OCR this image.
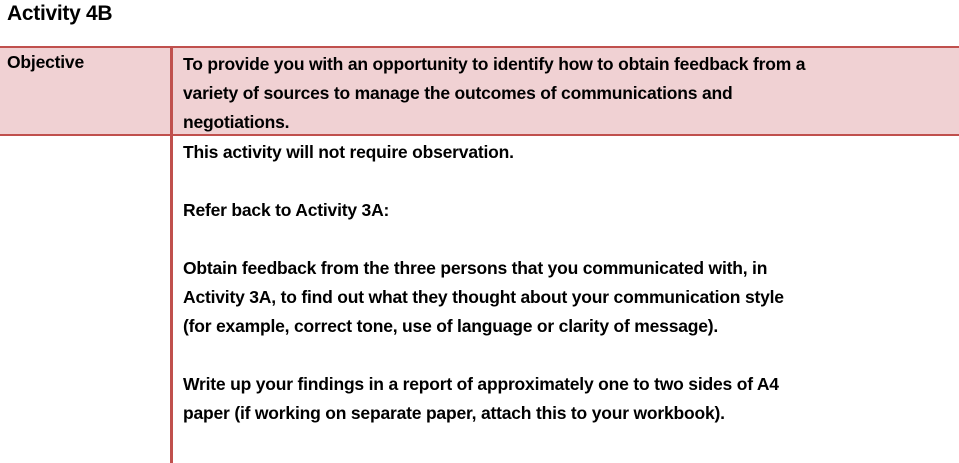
Activity 4B
Objective	To provide you with an opportunity to identify how to obtain feedback from a
variety of sources to manage the outcomes of communications and
negotiations.
This activity will not require observation.
Refer back to Activity 3A:
Obtain feedback from the three persons that you communicated with, in
Activity 3A, to find out what they thought about your communication style
(for example, correct tone, use of language or clarity of message).
Write up your findings in a report of approximately one to two sides of A4
paper (if working on separate paper, attach this to your workbook).
